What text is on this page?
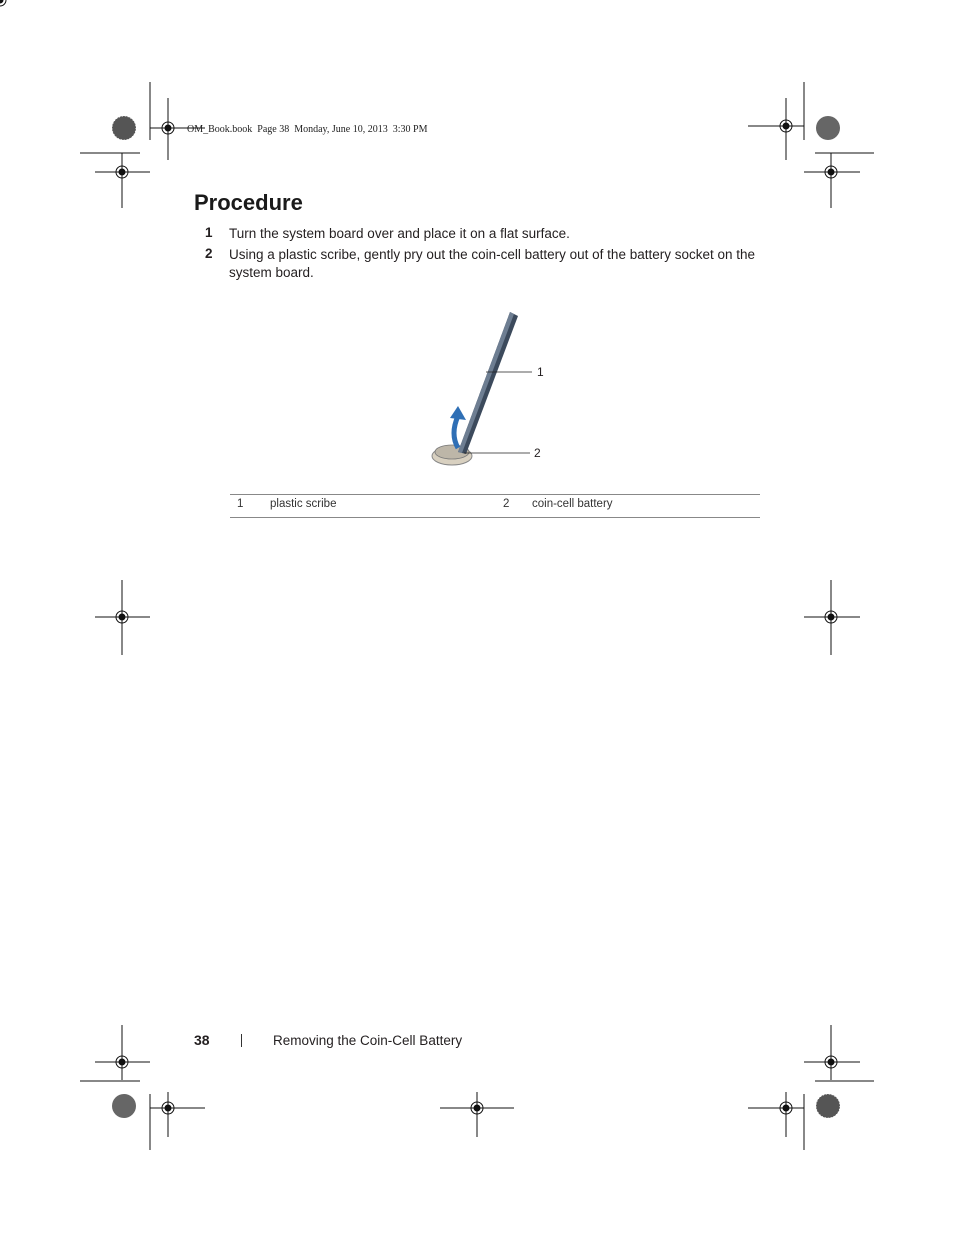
OM_Book.book  Page 38  Monday, June 10, 2013  3:30 PM
Procedure
1 Turn the system board over and place it on a flat surface.
2 Using a plastic scribe, gently pry out the coin-cell battery out of the battery socket on the system board.
1
2
1 plastic scribe	2 coin-cell battery
38	Removing the Coin-Cell Battery
